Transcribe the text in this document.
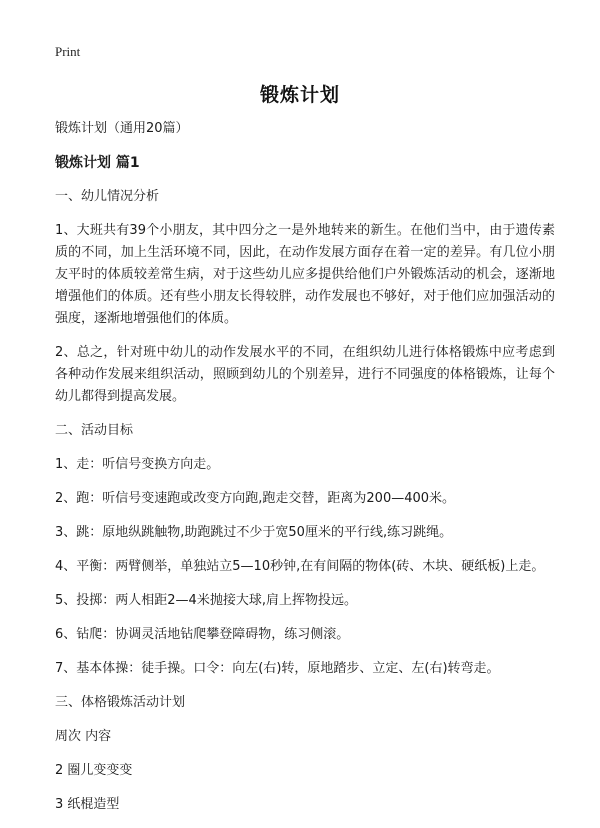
Print
锻炼计划

锻炼计划（通用20篇）

锻炼计划 篇1

一、幼儿情况分析

1、大班共有39个小朋友，其中四分之一是外地转来的新生。在他们当中，由于遗传素质的不同，加上生活环境不同，因此，在动作发展方面存在着一定的差异。有几位小朋友平时的体质较差常生病，对于这些幼儿应多提供给他们户外锻炼活动的机会，逐渐地增强他们的体质。还有些小朋友长得较胖，动作发展也不够好，对于他们应加强活动的强度，逐渐地增强他们的体质。

2、总之，针对班中幼儿的动作发展水平的不同，在组织幼儿进行体格锻炼中应考虑到各种动作发展来组织活动，照顾到幼儿的个别差异，进行不同强度的体格锻炼，让每个幼儿都得到提高发展。

二、活动目标

1、走：听信号变换方向走。

2、跑：听信号变速跑或改变方向跑,跑走交替，距离为200—400米。

3、跳：原地纵跳触物,助跑跳过不少于宽50厘米的平行线,练习跳绳。

4、平衡：两臂侧举，单独站立5—10秒钟,在有间隔的物体(砖、木块、硬纸板)上走。

5、投掷：两人相距2—4米抛接大球,肩上挥物投远。

6、钻爬：协调灵活地钻爬攀登障碍物，练习侧滚。

7、基本体操：徒手操。口令：向左(右)转，原地踏步、立定、左(右)转弯走。

三、体格锻炼活动计划

周次 内容

2 圈儿变变变

3 纸棍造型
